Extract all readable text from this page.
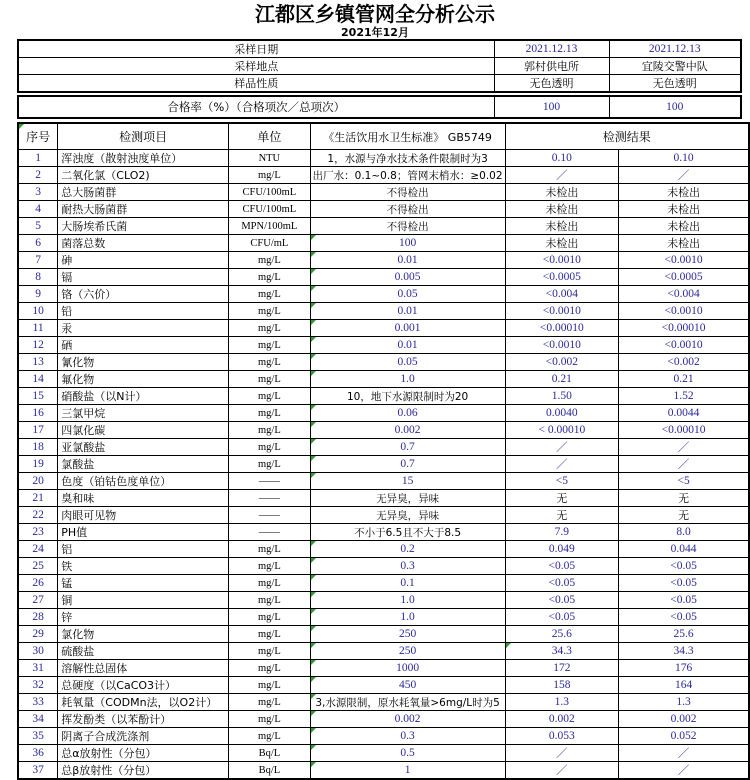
江都区乡镇管网全分析公示
2021年12月
采样日期	2021.12.13	2021.12.13
采样地点	郭村供电所	宜陵交警中队
样品性质	无色透明	无色透明
合格率（%）（合格项次／总项次）	100	100
序号	检测项目	单位	《生活饮用水卫生标准》 GB5749	检测结果	
1	浑浊度（散射浊度单位）	NTU	1，水源与净水技术条件限制时为3	0.10	0.10
2	二氧化氯（CLO2)	mg/L	出厂水：0.1~0.8；管网末梢水：≥0.02	／	／
3	总大肠菌群	CFU/100mL	不得检出	未检出	未检出
4	耐热大肠菌群	CFU/100mL	不得检出	未检出	未检出
5	大肠埃希氏菌	MPN/100mL	不得检出	未检出	未检出
6	菌落总数	CFU/mL	100	未检出	未检出
7	砷	mg/L	0.01	<0.0010	<0.0010
8	镉	mg/L	0.005	<0.0005	<0.0005
9	铬（六价）	mg/L	0.05	<0.004	<0.004
10	铅	mg/L	0.01	<0.0010	<0.0010
11	汞	mg/L	0.001	<0.00010	<0.00010
12	硒	mg/L	0.01	<0.0010	<0.0010
13	氰化物	mg/L	0.05	<0.002	<0.002
14	氟化物	mg/L	1.0	0.21	0.21
15	硝酸盐（以N计）	mg/L	10，地下水源限制时为20	1.50	1.52
16	三氯甲烷	mg/L	0.06	0.0040	0.0044
17	四氯化碳	mg/L	0.002	< 0.00010	<0.00010
18	亚氯酸盐	mg/L	0.7	／	／
19	氯酸盐	mg/L	0.7	／	／
20	色度（铂钴色度单位）	——	15	<5	<5
21	臭和味	——	无异臭，异味	无	无
22	肉眼可见物	——	无异臭，异味	无	无
23	PH值	——	不小于6.5且不大于8.5	7.9	8.0
24	铝	mg/L	0.2	0.049	0.044
25	铁	mg/L	0.3	<0.05	<0.05
26	锰	mg/L	0.1	<0.05	<0.05
27	铜	mg/L	1.0	<0.05	<0.05
28	锌	mg/L	1.0	<0.05	<0.05
29	氯化物	mg/L	250	25.6	25.6
30	硫酸盐	mg/L	250	34.3	34.3
31	溶解性总固体	mg/L	1000	172	176
32	总硬度（以CaCO3计）	mg/L	450	158	164
33	耗氧量（CODMn法，以O2计）	mg/L	3,水源限制，原水耗氧量>6mg/L时为5	1.3	1.3
34	挥发酚类（以苯酚计）	mg/L	0.002	0.002	0.002
35	阴离子合成洗涤剂	mg/L	0.3	0.053	0.052
36	总α放射性（分包）	Bq/L	0.5	／	／
37	总β放射性（分包）	Bq/L	1	／	／
